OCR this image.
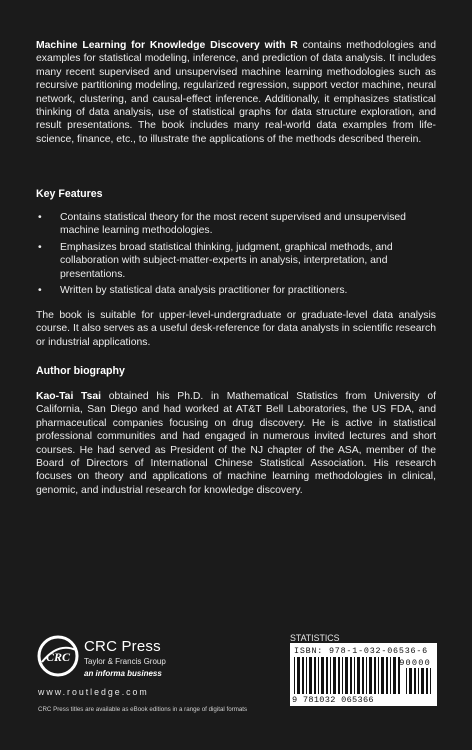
Machine Learning for Knowledge Discovery with R contains methodologies and examples for statistical modeling, inference, and prediction of data analysis. It includes many recent supervised and unsupervised machine learning methodologies such as recursive partitioning modeling, regularized regression, support vector machine, neural network, clustering, and causal-effect inference. Additionally, it emphasizes statistical thinking of data analysis, use of statistical graphs for data structure exploration, and result presentations. The book includes many real-world data examples from life-science, finance, etc., to illustrate the applications of the methods described therein.

Key Features
• Contains statistical theory for the most recent supervised and unsupervised machine learning methodologies.
• Emphasizes broad statistical thinking, judgment, graphical methods, and collaboration with subject-matter-experts in analysis, interpretation, and presentations.
• Written by statistical data analysis practitioner for practitioners.

The book is suitable for upper-level-undergraduate or graduate-level data analysis course. It also serves as a useful desk-reference for data analysts in scientific research or industrial applications.

Author biography

Kao-Tai Tsai obtained his Ph.D. in Mathematical Statistics from University of California, San Diego and had worked at AT&T Bell Laboratories, the US FDA, and pharmaceutical companies focusing on drug discovery. He is active in statistical professional communities and had engaged in numerous invited lectures and short courses. He had served as President of the NJ chapter of the ASA, member of the Board of Directors of International Chinese Statistical Association. His research focuses on theory and applications of machine learning methodologies in clinical, genomic, and industrial research for knowledge discovery.

CRC
CRC Press
Taylor & Francis Group
an informa business
www.routledge.com
CRC Press titles are available as eBook editions in a range of digital formats
STATISTICS
ISBN: 978-1-032-06536-6
90000
9 781032 065366
